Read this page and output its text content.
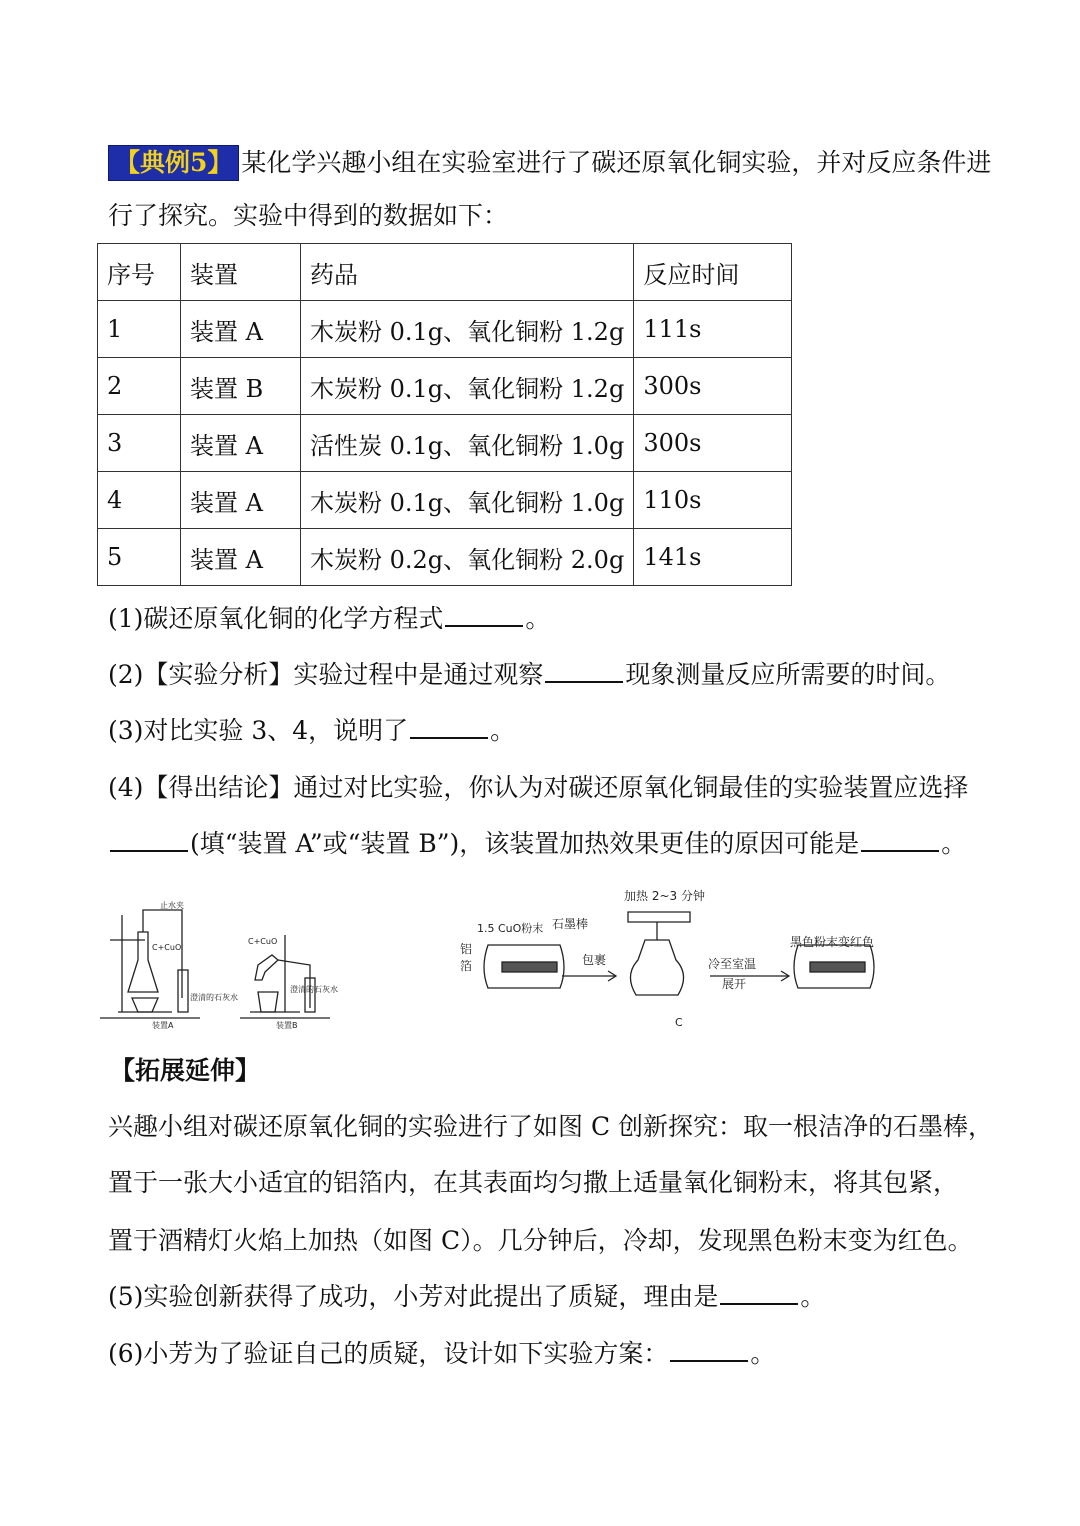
【典例5】 某化学兴趣小组在实验室进行了碳还原氧化铜实验，并对反应条件进
行了探究。实验中得到的数据如下：
序号	装置	药品	反应时间
1	装置 A	木炭粉 0.1g、氧化铜粉 1.2g	111s
2	装置 B	木炭粉 0.1g、氧化铜粉 1.2g	300s
3	装置 A	活性炭 0.1g、氧化铜粉 1.0g	300s
4	装置 A	木炭粉 0.1g、氧化铜粉 1.0g	110s
5	装置 A	木炭粉 0.2g、氧化铜粉 2.0g	141s
(1)碳还原氧化铜的化学方程式	。
(2)【实验分析】实验过程中是通过观察	现象测量反应所需要的时间。
(3)对比实验 3、4，说明了	。
(4)【得出结论】通过对比实验，你认为对碳还原氧化铜最佳的实验装置应选择
(填“装置 A”或“装置 B”)，该装置加热效果更佳的原因可能是	。
止水夹
C+CuO
澄清的石灰水
装置A
C+CuO
澄清的石灰水
装置B
1.5 CuO粉末 石墨棒
铝
箔	包裹
加热 2~3 分钟
冷至室温
展开
黑色粉末变红色
C
【拓展延伸】
兴趣小组对碳还原氧化铜的实验进行了如图 C 创新探究：取一根洁净的石墨棒，
置于一张大小适宜的铝箔内，在其表面均匀撒上适量氧化铜粉末，将其包紧，
置于酒精灯火焰上加热（如图 C）。几分钟后，冷却，发现黑色粉末变为红色。
(5)实验创新获得了成功，小芳对此提出了质疑，理由是	。
(6)小芳为了验证自己的质疑，设计如下实验方案：	。
